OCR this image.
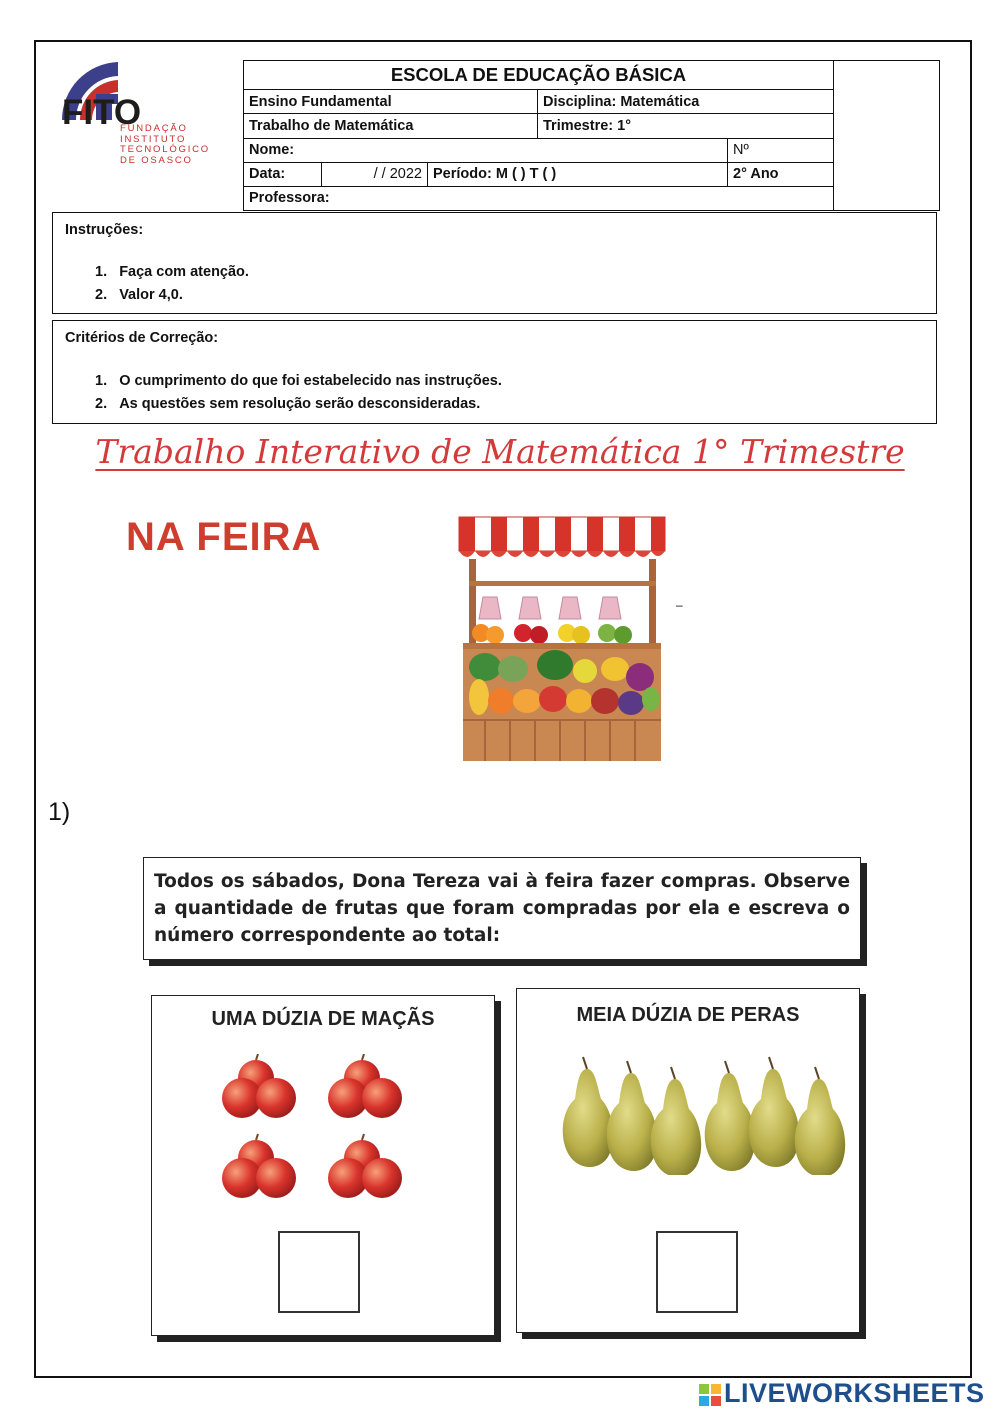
FITO
FUNDAÇÃO
INSTITUTO
TECNOLÓGICO
DE OSASCO
ESCOLA DE EDUCAÇÃO BÁSICA					
Ensino Fundamental			Disciplina: Matemática		
Trabalho de Matemática			Trimestre: 1°		
Nome:				Nº	
Data:	/ / 2022	Período: M ( ) T ( )		2° Ano	
Professora:					
Instruções:
1.   Faça com atenção.
2.   Valor 4,0.
Critérios de Correção:
1.   O cumprimento do que foi estabelecido nas instruções.
2.   As questões sem resolução serão desconsideradas.
Trabalho Interativo de Matemática 1° Trimestre
NA FEIRA
–
1)
Todos os sábados, Dona Tereza vai à feira fazer compras. Observe a quantidade de frutas que foram compradas por ela e escreva o número correspondente ao total:
UMA DÚZIA DE MAÇÃS	MEIA DÚZIA DE PERAS
LIVEWORKSHEETS
